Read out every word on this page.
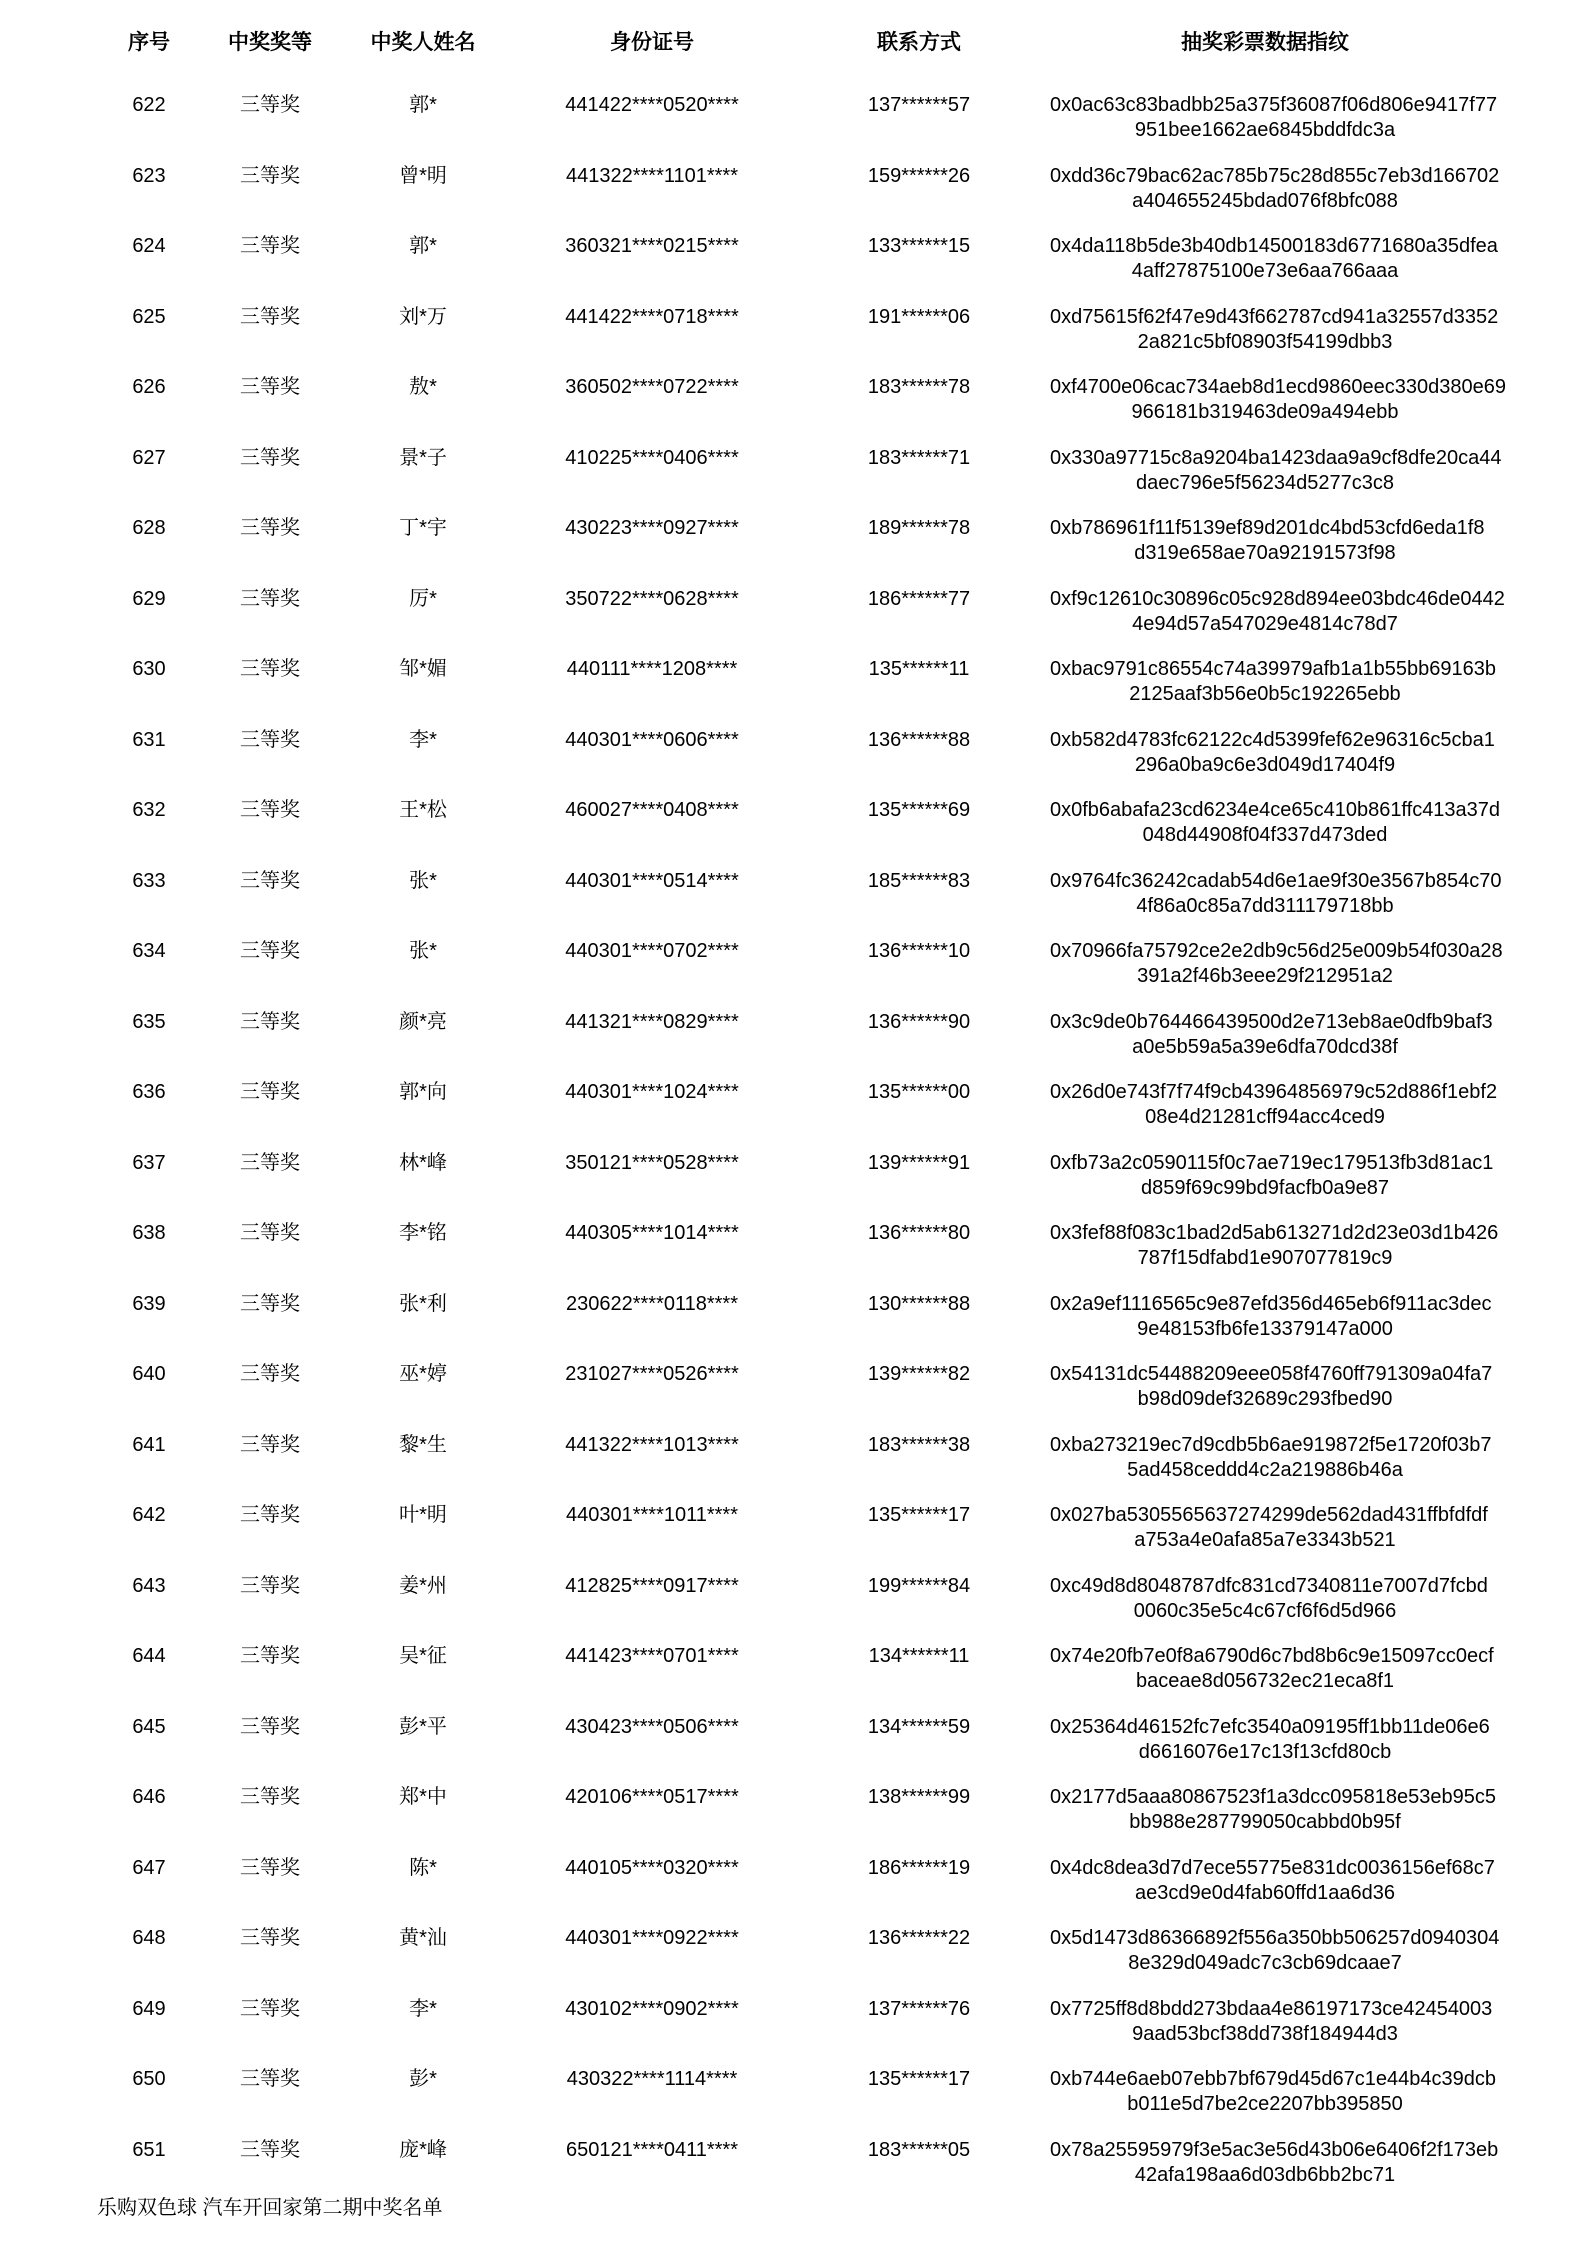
序号	中奖奖等	中奖人姓名	身份证号	联系方式	抽奖彩票数据指纹
622	三等奖	郭*	441422****0520****	137******57	0x0ac63c83badbb25a375f36087f06d806e9417f77
951bee1662ae6845bddfdc3a
623	三等奖	曾*明	441322****1101****	159******26	0xdd36c79bac62ac785b75c28d855c7eb3d166702
a404655245bdad076f8bfc088
624	三等奖	郭*	360321****0215****	133******15	0x4da118b5de3b40db14500183d6771680a35dfea
4aff27875100e73e6aa766aaa
625	三等奖	刘*万	441422****0718****	191******06	0xd75615f62f47e9d43f662787cd941a32557d3352
2a821c5bf08903f54199dbb3
626	三等奖	敖*	360502****0722****	183******78	0xf4700e06cac734aeb8d1ecd9860eec330d380e69
966181b319463de09a494ebb
627	三等奖	景*子	410225****0406****	183******71	0x330a97715c8a9204ba1423daa9a9cf8dfe20ca44
daec796e5f56234d5277c3c8
628	三等奖	丁*宇	430223****0927****	189******78	0xb786961f11f5139ef89d201dc4bd53cfd6eda1f8
d319e658ae70a92191573f98
629	三等奖	厉*	350722****0628****	186******77	0xf9c12610c30896c05c928d894ee03bdc46de0442
4e94d57a547029e4814c78d7
630	三等奖	邹*媚	440111****1208****	135******11	0xbac9791c86554c74a39979afb1a1b55bb69163b
2125aaf3b56e0b5c192265ebb
631	三等奖	李*	440301****0606****	136******88	0xb582d4783fc62122c4d5399fef62e96316c5cba1
296a0ba9c6e3d049d17404f9
632	三等奖	王*松	460027****0408****	135******69	0x0fb6abafa23cd6234e4ce65c410b861ffc413a37d
048d44908f04f337d473ded
633	三等奖	张*	440301****0514****	185******83	0x9764fc36242cadab54d6e1ae9f30e3567b854c70
4f86a0c85a7dd311179718bb
634	三等奖	张*	440301****0702****	136******10	0x70966fa75792ce2e2db9c56d25e009b54f030a28
391a2f46b3eee29f212951a2
635	三等奖	颜*亮	441321****0829****	136******90	0x3c9de0b764466439500d2e713eb8ae0dfb9baf3
a0e5b59a5a39e6dfa70dcd38f
636	三等奖	郭*向	440301****1024****	135******00	0x26d0e743f7f74f9cb43964856979c52d886f1ebf2
08e4d21281cff94acc4ced9
637	三等奖	林*峰	350121****0528****	139******91	0xfb73a2c0590115f0c7ae719ec179513fb3d81ac1
d859f69c99bd9facfb0a9e87
638	三等奖	李*铭	440305****1014****	136******80	0x3fef88f083c1bad2d5ab613271d2d23e03d1b426
787f15dfabd1e907077819c9
639	三等奖	张*利	230622****0118****	130******88	0x2a9ef1116565c9e87efd356d465eb6f911ac3dec
9e48153fb6fe13379147a000
640	三等奖	巫*婷	231027****0526****	139******82	0x54131dc54488209eee058f4760ff791309a04fa7
b98d09def32689c293fbed90
641	三等奖	黎*生	441322****1013****	183******38	0xba273219ec7d9cdb5b6ae919872f5e1720f03b7
5ad458ceddd4c2a219886b46a
642	三等奖	叶*明	440301****1011****	135******17	0x027ba5305565637274299de562dad431ffbfdfdf
a753a4e0afa85a7e3343b521
643	三等奖	姜*州	412825****0917****	199******84	0xc49d8d8048787dfc831cd7340811e7007d7fcbd
0060c35e5c4c67cf6f6d5d966
644	三等奖	吴*征	441423****0701****	134******11	0x74e20fb7e0f8a6790d6c7bd8b6c9e15097cc0ecf
baceae8d056732ec21eca8f1
645	三等奖	彭*平	430423****0506****	134******59	0x25364d46152fc7efc3540a09195ff1bb11de06e6
d6616076e17c13f13cfd80cb
646	三等奖	郑*中	420106****0517****	138******99	0x2177d5aaa80867523f1a3dcc095818e53eb95c5
bb988e287799050cabbd0b95f
647	三等奖	陈*	440105****0320****	186******19	0x4dc8dea3d7d7ece55775e831dc0036156ef68c7
ae3cd9e0d4fab60ffd1aa6d36
648	三等奖	黄*汕	440301****0922****	136******22	0x5d1473d86366892f556a350bb506257d0940304
8e329d049adc7c3cb69dcaae7
649	三等奖	李*	430102****0902****	137******76	0x7725ff8d8bdd273bdaa4e86197173ce42454003
9aad53bcf38dd738f184944d3
650	三等奖	彭*	430322****1114****	135******17	0xb744e6aeb07ebb7bf679d45d67c1e44b4c39dcb
b011e5d7be2ce2207bb395850
651	三等奖	庞*峰	650121****0411****	183******05	0x78a25595979f3e5ac3e56d43b06e6406f2f173eb
42afa198aa6d03db6bb2bc71
乐购双色球 汽车开回家第二期中奖名单
